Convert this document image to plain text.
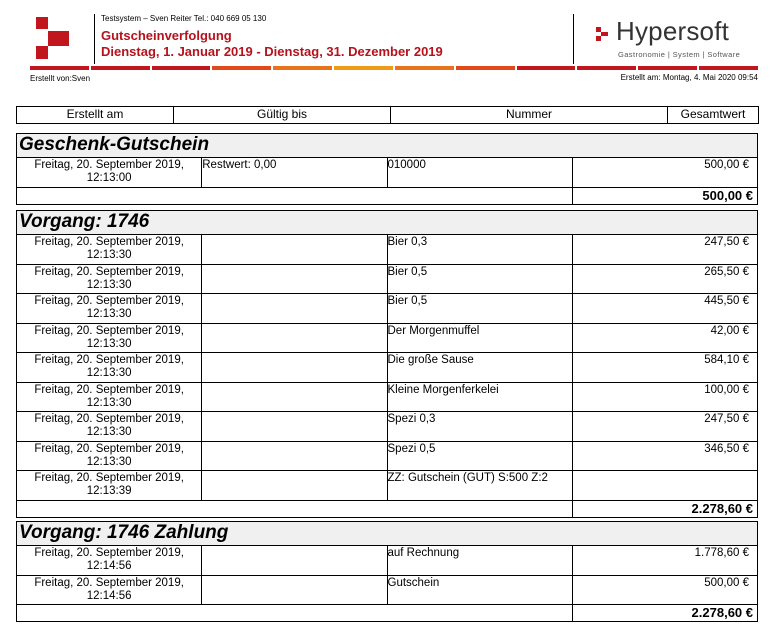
Testsystem – Sven Reiter Tel.: 040 669 05 130
Gutscheinverfolgung
Dienstag, 1. Januar 2019 - Dienstag, 31. Dezember 2019
Hypersoft
Gastronomie | System | Software
Erstellt von:Sven	Erstellt am: Montag, 4. Mai 2020 09:54
Erstellt am	Gültig bis	Nummer	Gesamtwert
Geschenk-Gutschein			
Freitag, 20. September 2019, 12:13:00	Restwert: 0,00	010000	500,00 €
			500,00 €
Vorgang: 1746			
Freitag, 20. September 2019, 12:13:30		Bier 0,3	247,50 €
Freitag, 20. September 2019, 12:13:30		Bier 0,5	265,50 €
Freitag, 20. September 2019, 12:13:30		Bier 0,5	445,50 €
Freitag, 20. September 2019, 12:13:30		Der Morgenmuffel	42,00 €
Freitag, 20. September 2019, 12:13:30		Die große Sause	584,10 €
Freitag, 20. September 2019, 12:13:30		Kleine Morgenferkelei	100,00 €
Freitag, 20. September 2019, 12:13:30		Spezi 0,3	247,50 €
Freitag, 20. September 2019, 12:13:30		Spezi 0,5	346,50 €
Freitag, 20. September 2019, 12:13:39		ZZ: Gutschein (GUT) S:500 Z:2	
			2.278,60 €
Vorgang: 1746 Zahlung			
Freitag, 20. September 2019, 12:14:56		auf Rechnung	1.778,60 €
Freitag, 20. September 2019, 12:14:56		Gutschein	500,00 €
			2.278,60 €
